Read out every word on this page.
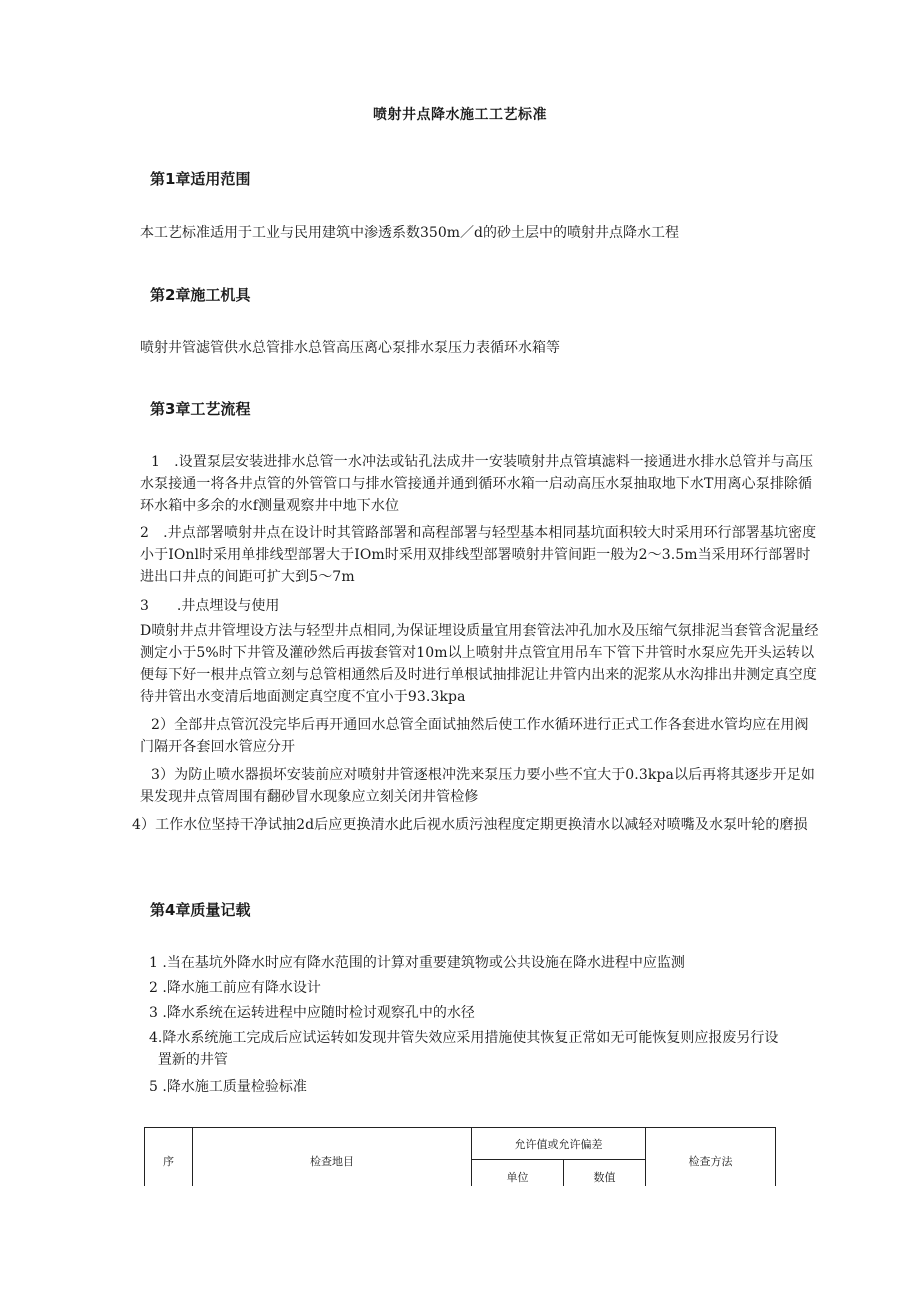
喷射井点降水施工工艺标准
第1章适用范围
本工艺标准适用于工业与民用建筑中渗透系数350m／d的砂土层中的喷射井点降水工程
第2章施工机具
喷射井管滤管供水总管排水总管高压离心泵排水泵压力表循环水箱等
第3章工艺流程
1　.设置泵层安装进排水总管一水冲法或钻孔法成井一安装喷射井点管填滤料一接通进水排水总管并与高压水泵接通一将各井点管的外管管口与排水管接通并通到循环水箱一启动高压水泵抽取地下水T用离心泵排除循环水箱中多余的水f测量观察井中地下水位
2　.井点部署喷射井点在设计时其管路部署和高程部署与轻型基本相同基坑面积较大时采用环行部署基坑密度小于IOnl时采用单排线型部署大于IOm时采用双排线型部署喷射井管间距一般为2～3.5m当采用环行部署时进出口井点的间距可扩大到5～7m
3　　.井点埋设与使用
D喷射井点井管埋设方法与轻型井点相同,为保证埋设质量宜用套管法冲孔加水及压缩气氛排泥当套管含泥量经测定小于5%时下井管及灌砂然后再拔套管对10m以上喷射井点管宜用吊车下管下井管时水泵应先开头运转以便每下好一根井点管立刻与总管相通然后及时进行单根试抽排泥让井管内出来的泥浆从水沟排出井测定真空度待井管出水变清后地面测定真空度不宜小于93.3kpa
2）全部井点管沉没完毕后再开通回水总管全面试抽然后使工作水循环进行正式工作各套进水管均应在用阀门隔开各套回水管应分开
3）为防止喷水器损坏安装前应对喷射井管逐根冲洗来泵压力要小些不宜大于0.3kpa以后再将其逐步开足如果发现井点管周围有翻砂冒水现象应立刻关闭井管检修
4）工作水位坚持干净试抽2d后应更换清水此后视水质污浊程度定期更换清水以减轻对喷嘴及水泵叶轮的磨损
第4章质量记载
1 .当在基坑外降水时应有降水范围的计算对重要建筑物或公共设施在降水进程中应监测
2 .降水施工前应有降水设计
3 .降水系统在运转进程中应随时检讨观察孔中的水径
4 .降水系统施工完成后应试运转如发现井管失效应采用措施使其恢复正常如无可能恢复则应报废另行设置新的井管
5 .降水施工质量检验标准
序	检查地目	允许值或允许偏差		检查方法
		单位	数值	
